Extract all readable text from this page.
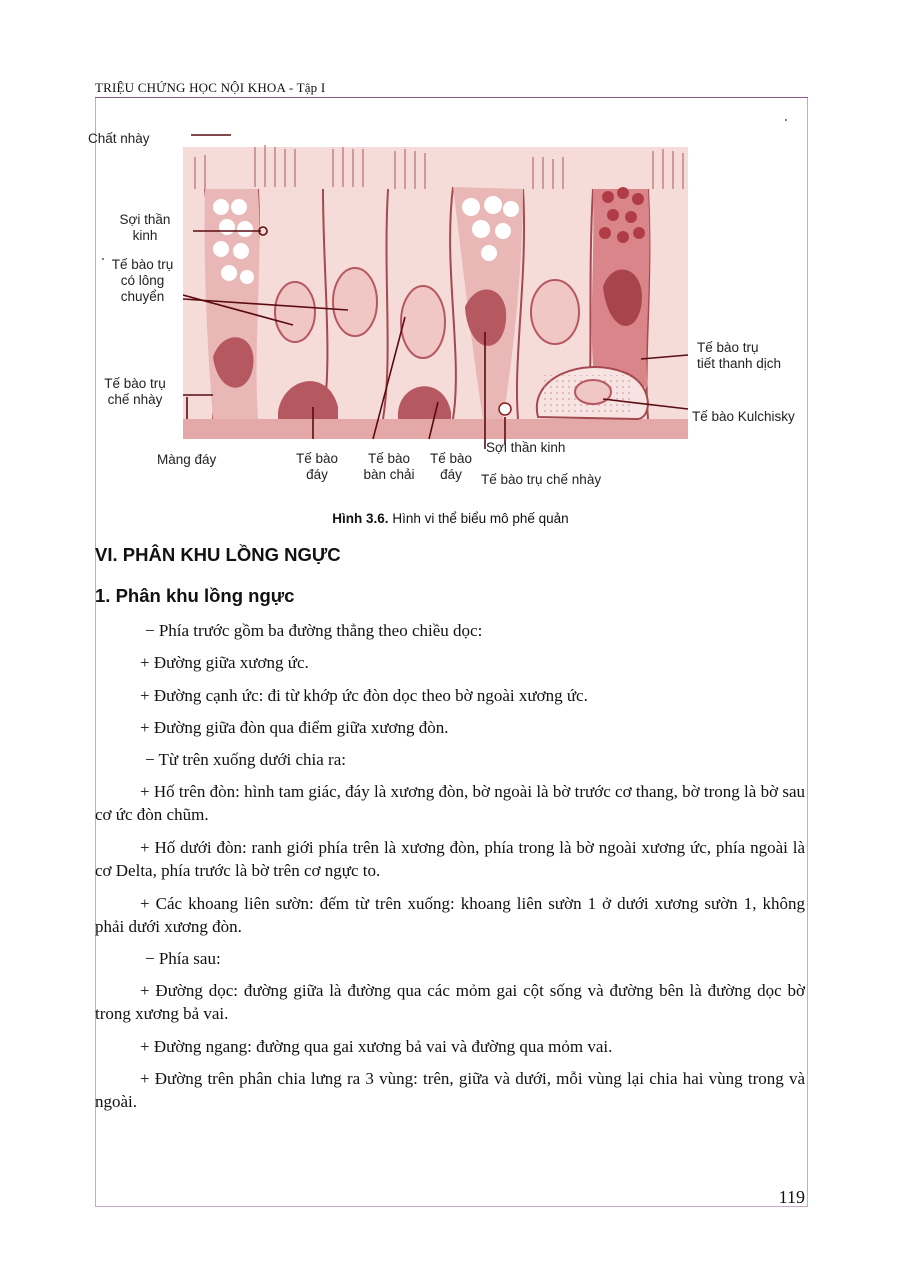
TRIỆU CHỨNG HỌC NỘI KHOA - Tập I
Chất nhày
Sợi thần
kinh
Tế bào trụ
có lông
chuyển
Tế bào trụ
chế nhày
Màng đáy	Tế bào
đáy
Tế bào
bàn chải
Tế bào
đáy
Sợi thần kinh
Tế bào trụ chế nhày
Tế bào trụ
tiết thanh dịch
Tế bào Kulchisky
Hình 3.6. Hình vi thể biểu mô phế quản
VI. PHÂN KHU LỒNG NGỰC
1. Phân khu lồng ngực
− Phía trước gồm ba đường thẳng theo chiều dọc:
+ Đường giữa xương ức.
+ Đường cạnh ức: đi từ khớp ức đòn dọc theo bờ ngoài xương ức.
+ Đường giữa đòn qua điểm giữa xương đòn.
− Từ trên xuống dưới chia ra:
+ Hố trên đòn: hình tam giác, đáy là xương đòn, bờ ngoài là bờ trước cơ thang, bờ trong là bờ sau cơ ức đòn chũm.
+ Hố dưới đòn: ranh giới phía trên là xương đòn, phía trong là bờ ngoài xương ức, phía ngoài là cơ Delta, phía trước là bờ trên cơ ngực to.
+ Các khoang liên sườn: đếm từ trên xuống: khoang liên sườn 1 ở dưới xương sườn 1, không phải dưới xương đòn.
− Phía sau:
+ Đường dọc: đường giữa là đường qua các mỏm gai cột sống và đường bên là đường dọc bờ trong xương bả vai.
+ Đường ngang: đường qua gai xương bả vai và đường qua mỏm vai.
+ Đường trên phân chia lưng ra 3 vùng: trên, giữa và dưới, mỗi vùng lại chia hai vùng trong và ngoài.
119
